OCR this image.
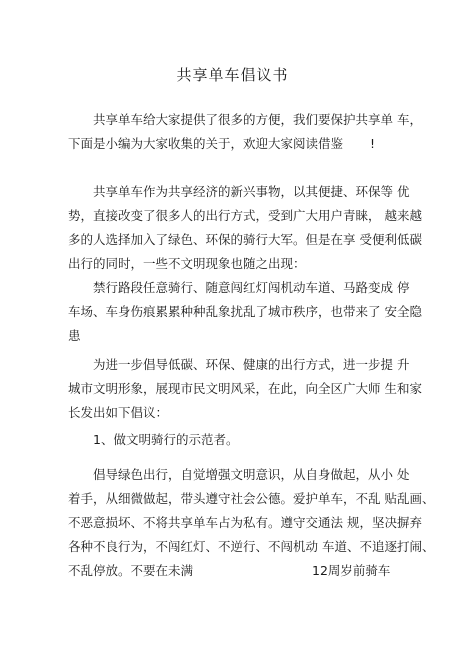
共享单车倡议书
　　共享单车给大家提供了很多的方便，我们要保护共享单 车，
下面是小编为大家收集的关于，欢迎大家阅读借鉴 !
　　共享单车作为共享经济的新兴事物，以其便捷、环保等 优
势，直接改变了很多人的出行方式，受到广大用户青睐， 越来越
多的人选择加入了绿色、环保的骑行大军。但是在享 受便利低碳
出行的同时，一些不文明现象也随之出现：
　　禁行路段任意骑行、随意闯红灯闯机动车道、马路变成 停
车场、车身伤痕累累种种乱象扰乱了城市秩序，也带来了 安全隐
患
　　为进一步倡导低碳、环保、健康的出行方式，进一步提 升
城市文明形象，展现市民文明风采，在此，向全区广大师 生和家
长发出如下倡议：
　　1、做文明骑行的示范者。
　　倡导绿色出行，自觉增强文明意识，从自身做起，从小 处
着手，从细微做起，带头遵守社会公德。爱护单车，不乱 贴乱画、
不恶意损坏、不将共享单车占为私有。遵守交通法 规，坚决摒弃
各种不良行为，不闯红灯、不逆行、不闯机动 车道、不追逐打闹、
不乱停放。不要在未满	12周岁前骑车
